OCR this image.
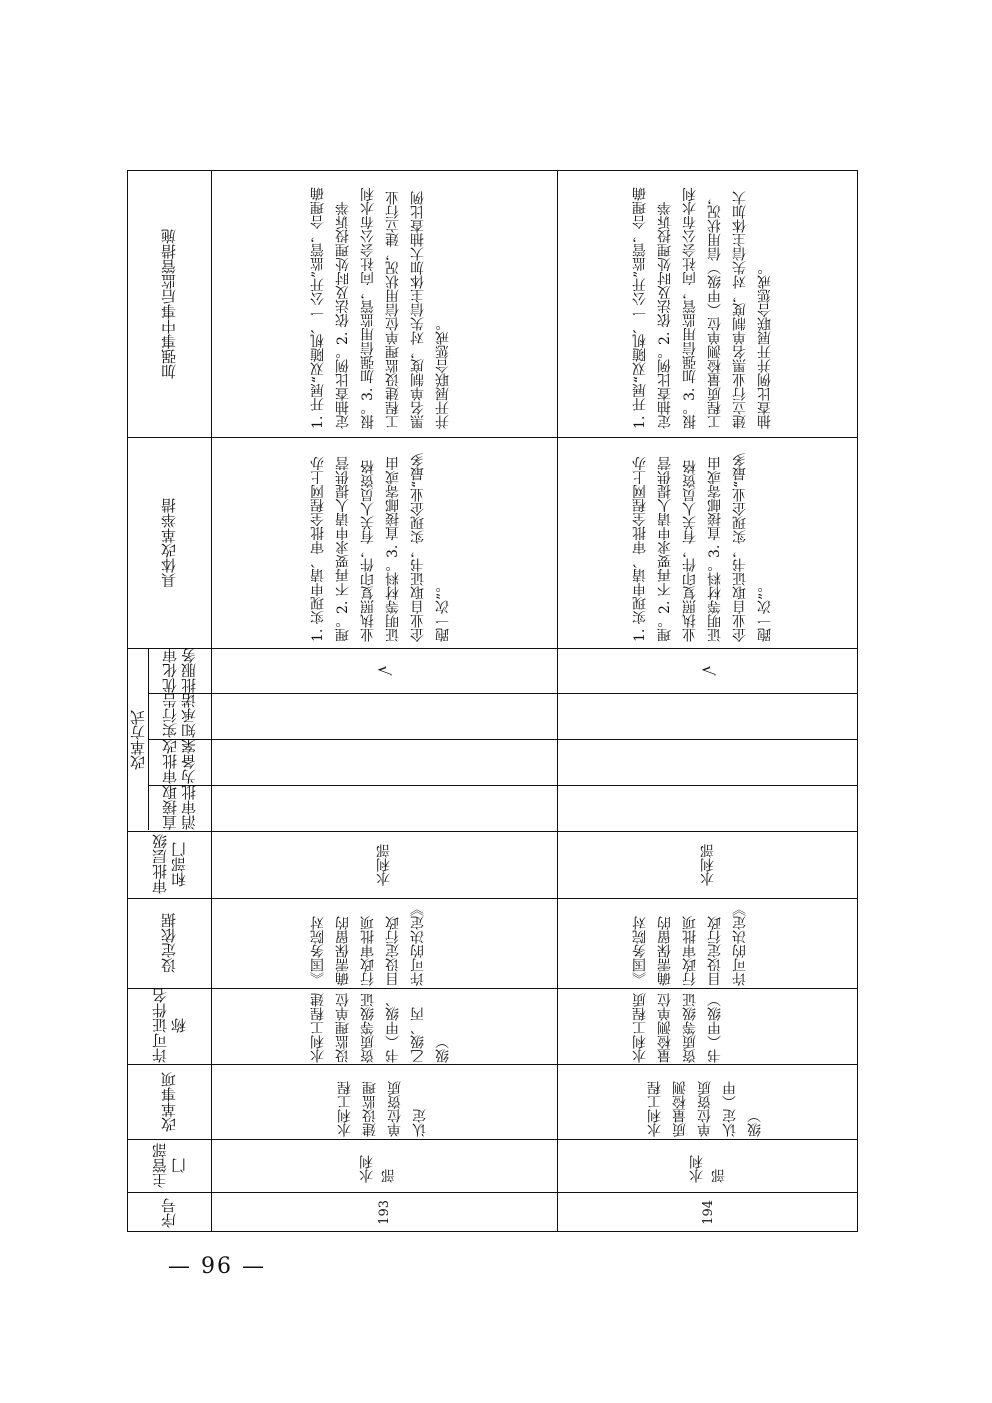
加强事中事后监管措施
具体改革举措
改革方式
优化审批服务
实行告知承诺
审批改为备案
直接取消审批
审批层级和部门
设定依据
许可证件名称
改革事项
主管部门
序号
1. 开展“双随机、一公开”监管，合理确定抽查比例。2. 依法及时处理投诉举报。3. 加强信用监管，向社会公布水利工程建设监理单位信用状况，建立行业黑名单制度，对失信主体加大抽查比例并开展联合惩戒。
1. 实现申请、审批全程网上办理。2. 不再要求申请人提供营业执照复印件，有关人员资格证明等材料。3. 直接邮寄或由企业自取证书，实现企业“最多跑一次”。
√
水利部
《国务院对确需保留的行政审批项目设定行政许可的决定》
水利工程建设监理单位资质等级证书（甲级、乙级、丙级）
水利工程建设监理单位资质认定
水利部
193
1. 开展“双随机、一公开”监管，合理确定抽查比例。2. 依法及时处理投诉举报。3. 加强信用监管，向社会公布水利工程质量检测单位（甲级）信用状况，建立行业黑名单制度，对失信主体加大抽查比例并开展联合惩戒。
1. 实现申请、审批全程网上办理。2. 不再要求申请人提供营业执照复印件，有关人员资格证明等材料。3. 直接邮寄或由企业自取证书，实现企业“最多跑一次”。
√
水利部
《国务院对确需保留的行政审批项目设定行政许可的决定》
水利工程质量检测单位资质等级证书（甲级）
水利工程质量检测单位资质认定（甲级）
水利部
194
— 96 —
